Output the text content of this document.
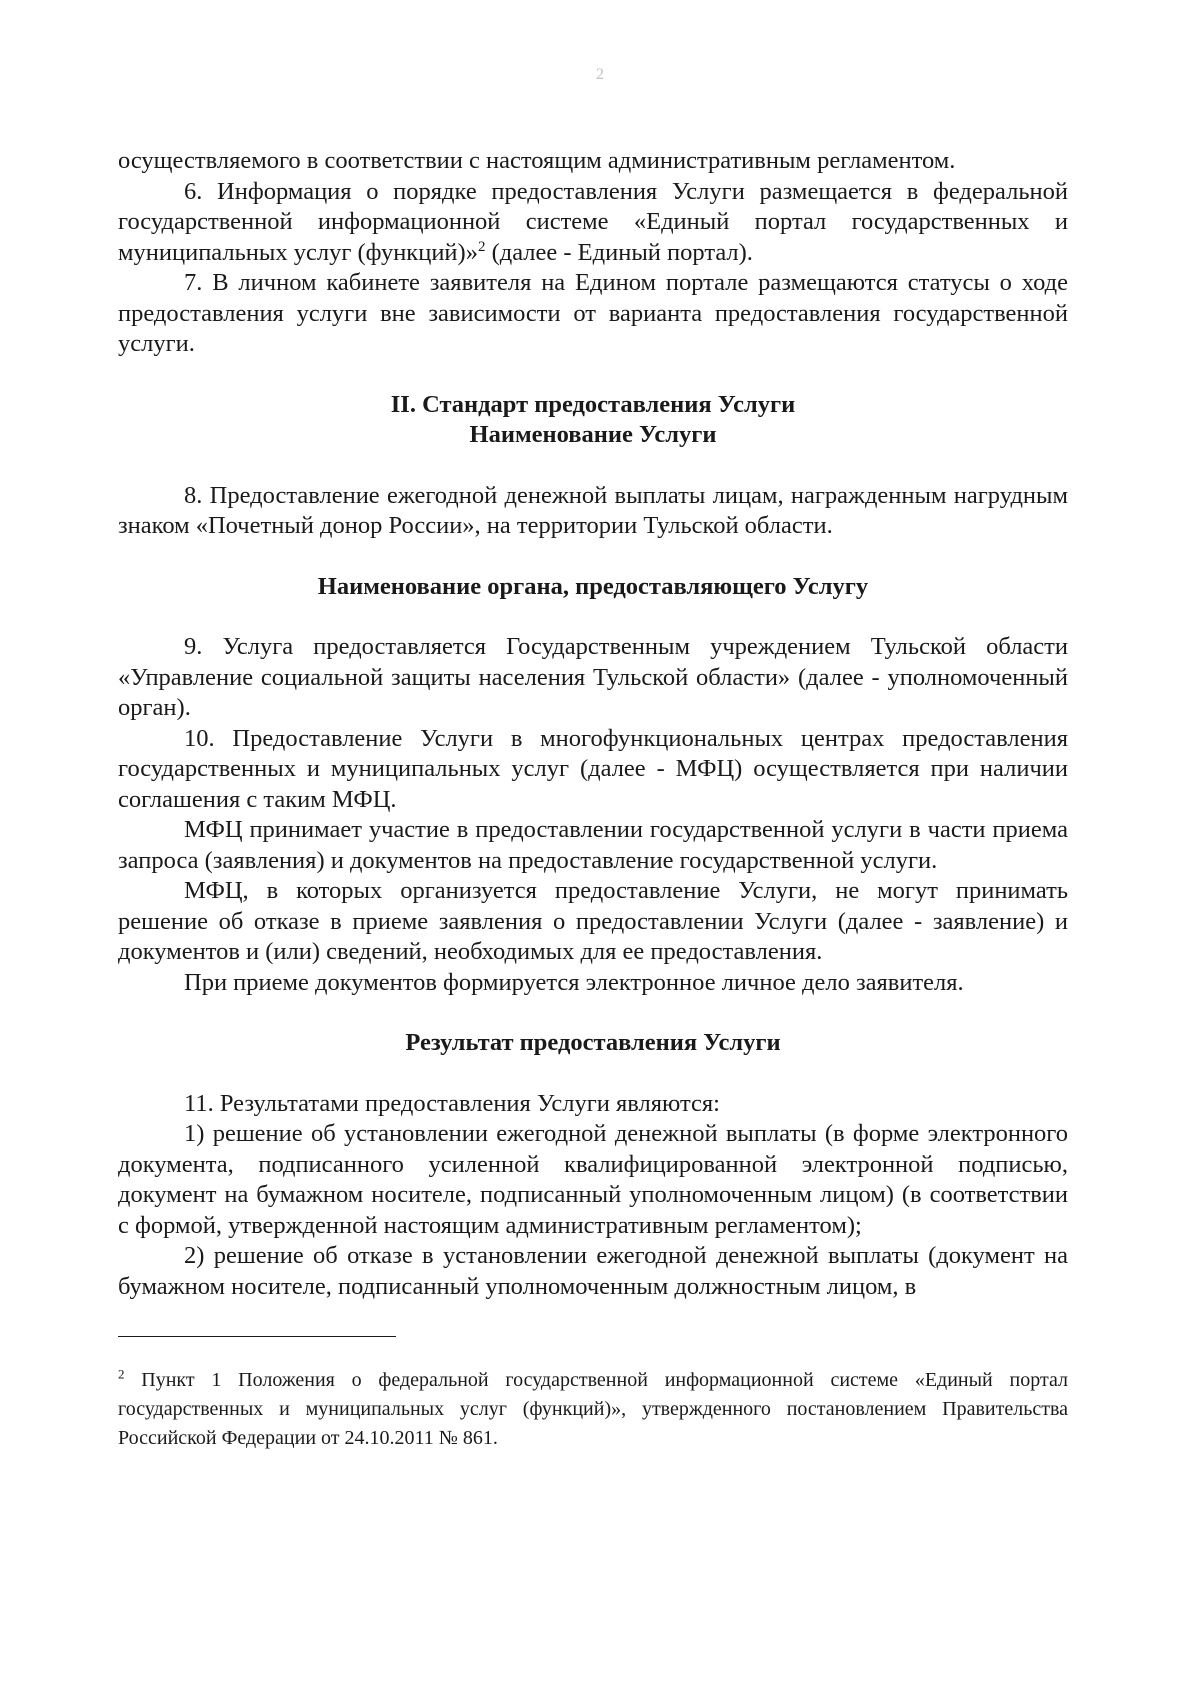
2

осуществляемого в соответствии с настоящим административным регламентом.

6. Информация о порядке предоставления Услуги размещается в федеральной государственной информационной системе «Единый портал государственных и муниципальных услуг (функций)»$^2$ (далее - Единый портал).

7. В личном кабинете заявителя на Едином портале размещаются статусы о ходе предоставления услуги вне зависимости от варианта предоставления государственной услуги.

II. Стандарт предоставления Услуги

Наименование Услуги

8. Предоставление ежегодной денежной выплаты лицам, награжденным нагрудным знаком «Почетный донор России», на территории Тульской области.

Наименование органа, предоставляющего Услугу

9. Услуга предоставляется Государственным учреждением Тульской области «Управление социальной защиты населения Тульской области» (далее - уполномоченный орган).

10. Предоставление Услуги в многофункциональных центрах предоставления государственных и муниципальных услуг (далее - МФЦ) осуществляется при наличии соглашения с таким МФЦ.

МФЦ принимает участие в предоставлении государственной услуги в части приема запроса (заявления) и документов на предоставление государственной услуги.

МФЦ, в которых организуется предоставление Услуги, не могут принимать решение об отказе в приеме заявления о предоставлении Услуги (далее - заявление) и документов и (или) сведений, необходимых для ее предоставления.

При приеме документов формируется электронное личное дело заявителя.

Результат предоставления Услуги

11. Результатами предоставления Услуги являются:

1) решение об установлении ежегодной денежной выплаты (в форме электронного документа, подписанного усиленной квалифицированной электронной подписью, документ на бумажном носителе, подписанный уполномоченным лицом) (в соответствии с формой, утвержденной настоящим административным регламентом);

2) решение об отказе в установлении ежегодной денежной выплаты (документ на бумажном носителе, подписанный уполномоченным должностным лицом, в

$^2$ Пункт 1 Положения о федеральной государственной информационной системе «Единый портал государственных и муниципальных услуг (функций)», утвержденного постановлением Правительства Российской Федерации от 24.10.2011 № 861.
